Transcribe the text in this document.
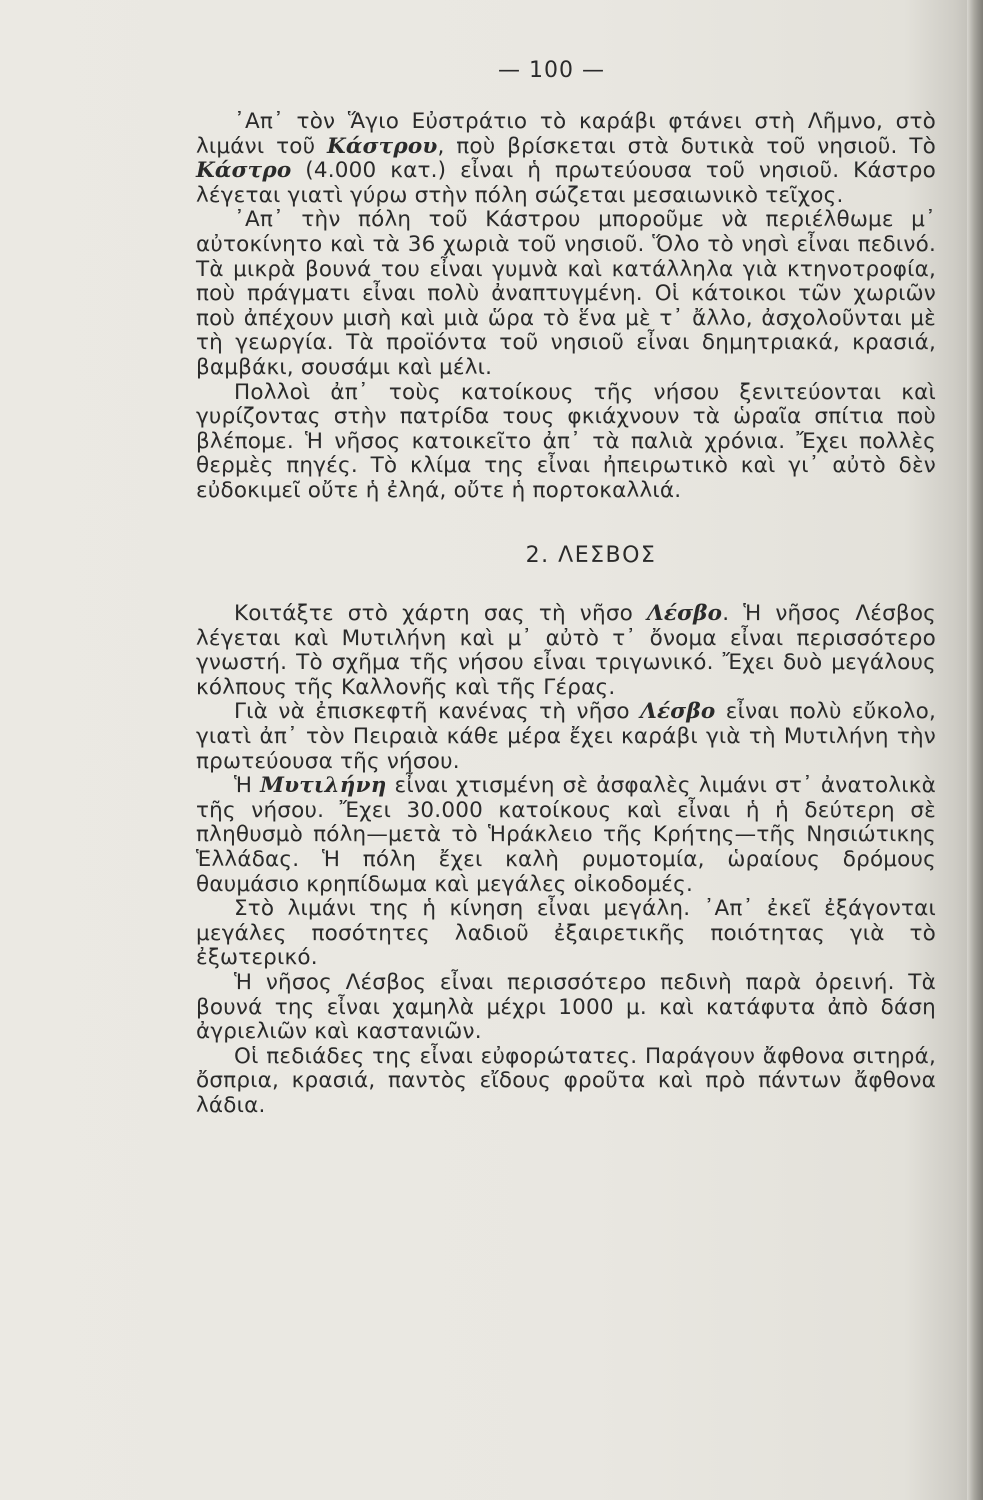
— 100 —

᾿Απ᾿ τὸν Ἅγιο Εὐστράτιο τὸ καράβι φτάνει στὴ Λῆμνο, στὸ λιμάνι τοῦ Κάστρου, ποὺ βρίσκεται στὰ δυτικὰ τοῦ νησιοῦ. Τὸ Κάστρο (4.000 κατ.) εἶναι ἡ πρωτεύουσα τοῦ νησιοῦ. Κάστρο λέγεται γιατὶ γύρω στὴν πόλη σώζεται μεσαιωνικὸ τεῖχος.

᾿Απ᾿ τὴν πόλη τοῦ Κάστρου μποροῦμε νὰ περιέλθωμε μ᾿ αὐτοκίνητο καὶ τὰ 36 χωριὰ τοῦ νησιοῦ. Ὅλο τὸ νησὶ εἶναι πεδινό. Τὰ μικρὰ βουνά του εἶναι γυμνὰ καὶ κατάλληλα γιὰ κτηνοτροφία, ποὺ πράγματι εἶναι πολὺ ἀναπτυγμένη. Οἱ κάτοικοι τῶν χωριῶν ποὺ ἀπέχουν μισὴ καὶ μιὰ ὥρα τὸ ἕνα μὲ τ᾿ ἄλλο, ἀσχολοῦνται μὲ τὴ γεωργία. Τὰ προϊόντα τοῦ νησιοῦ εἶναι δημητριακά, κρασιά, βαμβάκι, σουσάμι καὶ μέλι.

Πολλοὶ ἀπ᾿ τοὺς κατοίκους τῆς νήσου ξενιτεύονται καὶ γυρίζοντας στὴν πατρίδα τους φκιάχνουν τὰ ὡραῖα σπίτια ποὺ βλέπομε. Ἡ νῆσος κατοικεῖτο ἀπ᾿ τὰ παλιὰ χρόνια. Ἔχει πολλὲς θερμὲς πηγές. Τὸ κλίμα της εἶναι ἠπειρωτικὸ καὶ γι᾿ αὐτὸ δὲν εὐδοκιμεῖ οὔτε ἡ ἐληά, οὔτε ἡ πορτοκαλλιά.

2. ΛΕΣΒΟΣ

Κοιτάξτε στὸ χάρτη σας τὴ νῆσο Λέσβο. Ἡ νῆσος Λέσβος λέγεται καὶ Μυτιλήνη καὶ μ᾿ αὐτὸ τ᾿ ὄνομα εἶναι περισσότερο γνωστή. Τὸ σχῆμα τῆς νήσου εἶναι τριγωνικό. Ἔχει δυὸ μεγάλους κόλπους τῆς Καλλονῆς καὶ τῆς Γέρας.

Γιὰ νὰ ἐπισκεφτῆ κανένας τὴ νῆσο Λέσβο εἶναι πολὺ εὔκολο, γιατὶ ἀπ᾿ τὸν Πειραιὰ κάθε μέρα ἔχει καράβι γιὰ τὴ Μυτιλήνη τὴν πρωτεύουσα τῆς νήσου.

Ἡ Μυτιλήνη εἶναι χτισμένη σὲ ἀσφαλὲς λιμάνι στ᾿ ἀνατολικὰ τῆς νήσου. Ἔχει 30.000 κατοίκους καὶ εἶναι ἡ ἡ δεύτερη σὲ πληθυσμὸ πόλη—μετὰ τὸ Ἡράκλειο τῆς Κρήτης—τῆς Νησιώτικης Ἑλλάδας. Ἡ πόλη ἔχει καλὴ ρυμοτομία, ὡραίους δρόμους θαυμάσιο κρηπίδωμα καὶ μεγάλες οἰκοδομές.

Στὸ λιμάνι της ἡ κίνηση εἶναι μεγάλη. ᾿Απ᾿ ἐκεῖ ἐξάγονται μεγάλες ποσότητες λαδιοῦ ἐξαιρετικῆς ποιότητας γιὰ τὸ ἐξωτερικό.

Ἡ νῆσος Λέσβος εἶναι περισσότερο πεδινὴ παρὰ ὀρεινή. Τὰ βουνά της εἶναι χαμηλὰ μέχρι 1000 μ. καὶ κατάφυτα ἀπὸ δάση ἀγριελιῶν καὶ καστανιῶν.

Οἱ πεδιάδες της εἶναι εὐφορώτατες. Παράγουν ἄφθονα σιτηρά, ὄσπρια, κρασιά, παντὸς εἴδους φροῦτα καὶ πρὸ πάντων ἄφθονα λάδια.
